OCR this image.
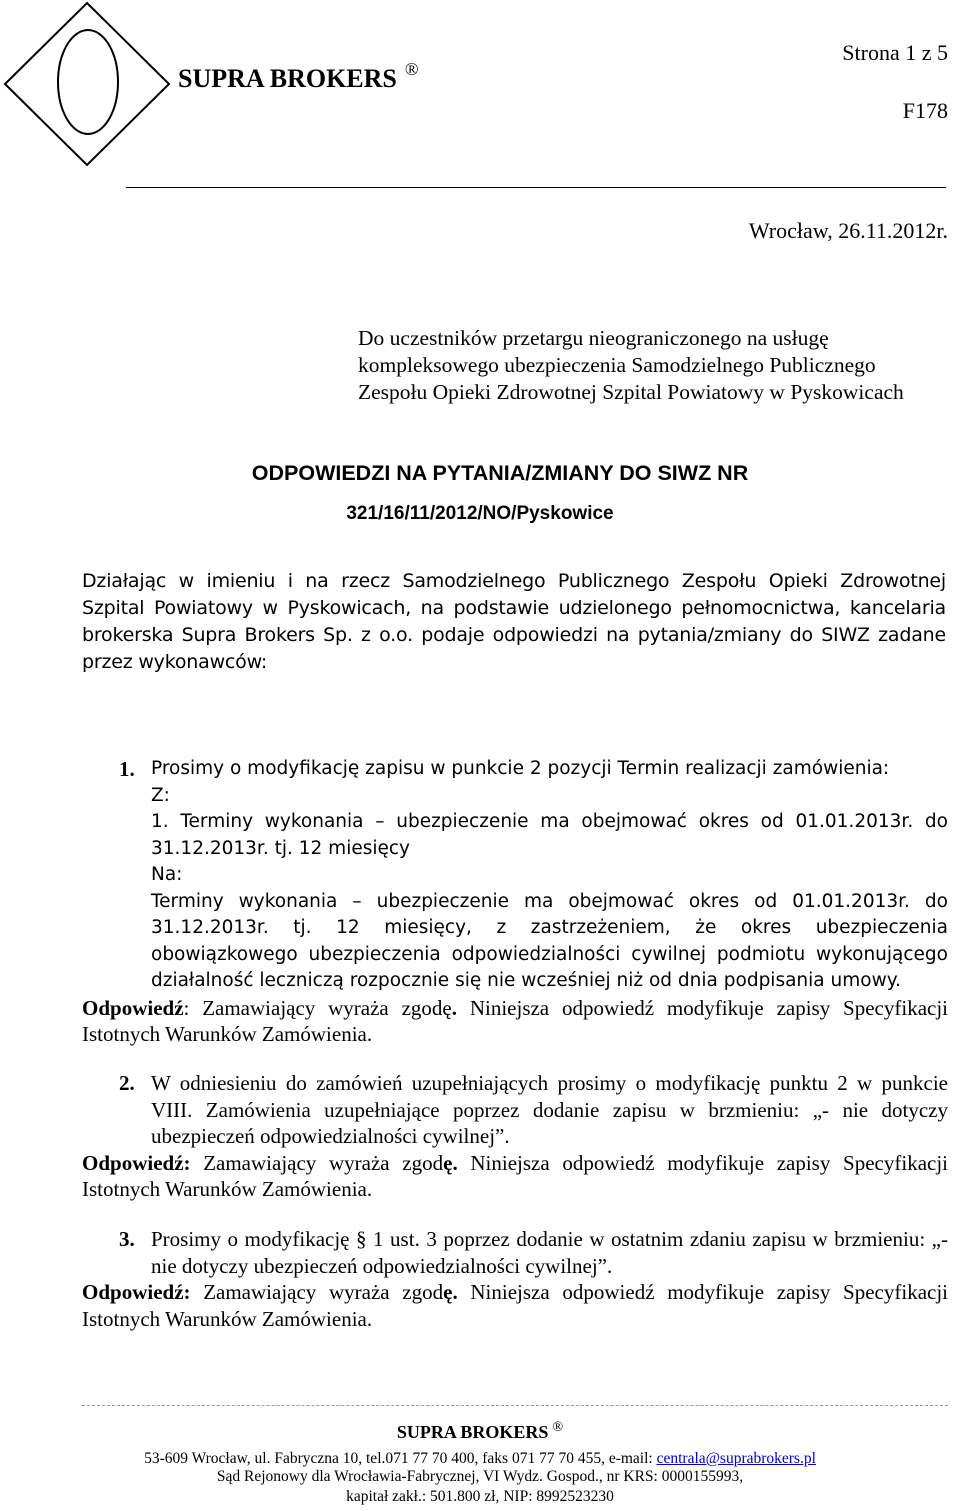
SUPRA BROKERS ®
Strona 1 z 5
F178
Wrocław, 26.11.2012r.
Do uczestników przetargu nieograniczonego na usługę
kompleksowego ubezpieczenia Samodzielnego Publicznego
Zespołu Opieki Zdrowotnej Szpital Powiatowy w Pyskowicach
ODPOWIEDZI NA PYTANIA/ZMIANY DO SIWZ NR
321/16/11/2012/NO/Pyskowice
Działając w imieniu i na rzecz Samodzielnego Publicznego Zespołu Opieki Zdrowotnej Szpital Powiatowy w Pyskowicach, na podstawie udzielonego pełnomocnictwa, kancelaria brokerska Supra Brokers Sp. z o.o. podaje odpowiedzi na pytania/zmiany do SIWZ zadane przez wykonawców:
1. Prosimy o modyfikację zapisu w punkcie 2 pozycji Termin realizacji zamówienia:
Z:
1. Terminy wykonania – ubezpieczenie ma obejmować okres od 01.01.2013r. do 31.12.2013r. tj. 12 miesięcy
Na:
Terminy wykonania – ubezpieczenie ma obejmować okres od 01.01.2013r. do 31.12.2013r. tj. 12 miesięcy, z zastrzeżeniem, że okres ubezpieczenia obowiązkowego ubezpieczenia odpowiedzialności cywilnej podmiotu wykonującego działalność leczniczą rozpocznie się nie wcześniej niż od dnia podpisania umowy.
Odpowiedź: Zamawiający wyraża zgodę. Niniejsza odpowiedź modyfikuje zapisy Specyfikacji Istotnych Warunków Zamówienia.
2. W odniesieniu do zamówień uzupełniających prosimy o modyfikację punktu 2 w punkcie VIII. Zamówienia uzupełniające poprzez dodanie zapisu w brzmieniu: „- nie dotyczy ubezpieczeń odpowiedzialności cywilnej”.
Odpowiedź: Zamawiający wyraża zgodę. Niniejsza odpowiedź modyfikuje zapisy Specyfikacji Istotnych Warunków Zamówienia.
3. Prosimy o modyfikację § 1 ust. 3 poprzez dodanie w ostatnim zdaniu zapisu w brzmieniu: „- nie dotyczy ubezpieczeń odpowiedzialności cywilnej”.
Odpowiedź: Zamawiający wyraża zgodę. Niniejsza odpowiedź modyfikuje zapisy Specyfikacji Istotnych Warunków Zamówienia.
SUPRA BROKERS ®
53-609 Wrocław, ul. Fabryczna 10, tel.071 77 70 400, faks 071 77 70 455, e-mail: centrala@suprabrokers.pl
Sąd Rejonowy dla Wrocławia-Fabrycznej, VI Wydz. Gospod., nr KRS: 0000155993,
kapitał zakł.: 501.800 zł, NIP: 8992523230
